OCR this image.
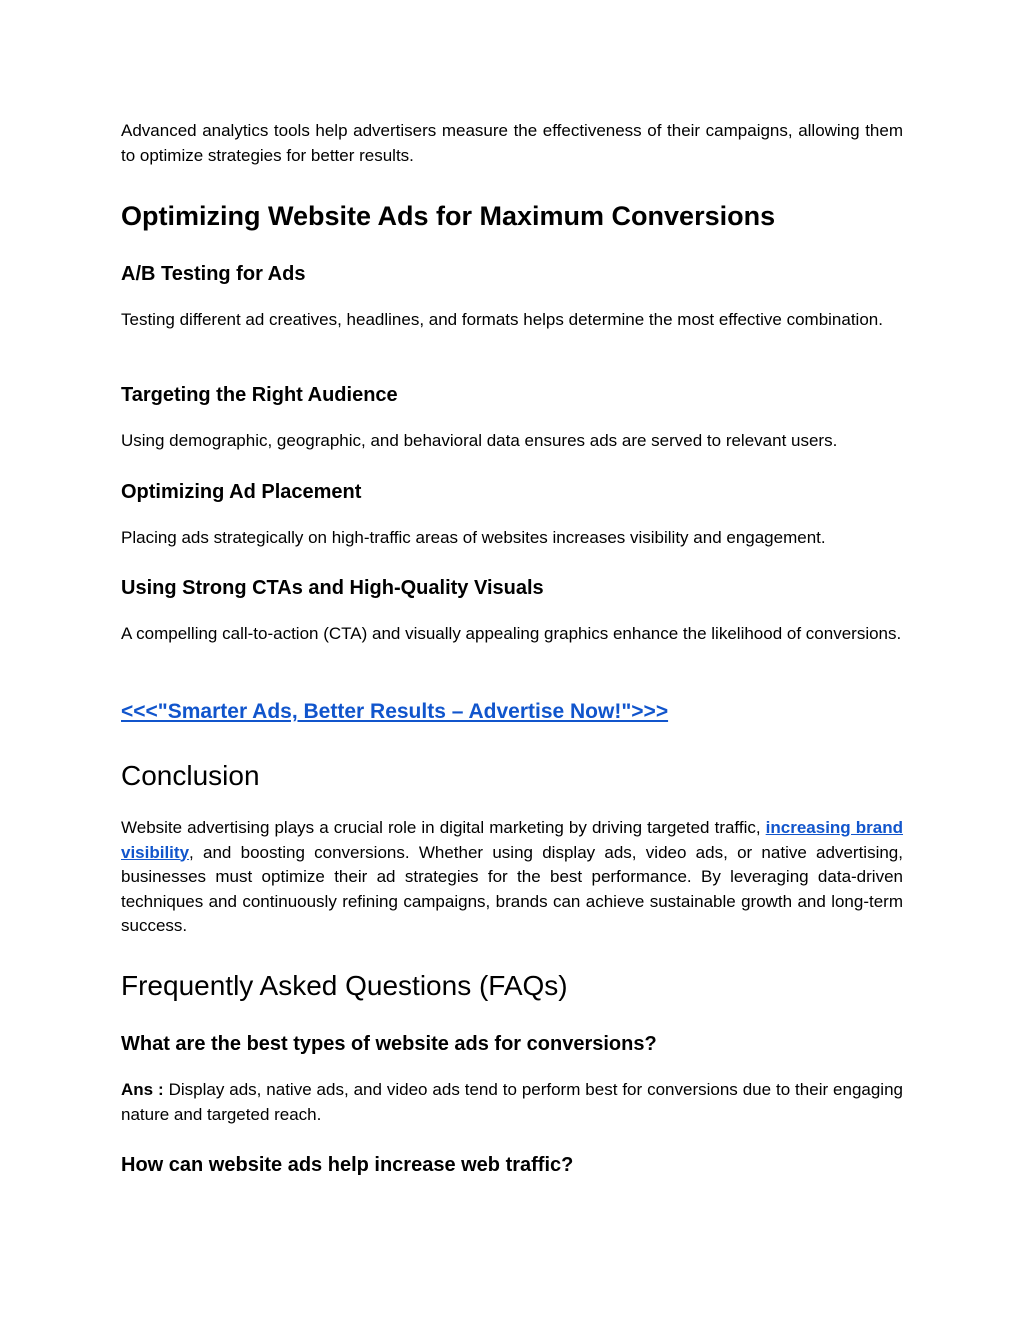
Advanced analytics tools help advertisers measure the effectiveness of their campaigns, allowing them to optimize strategies for better results.

Optimizing Website Ads for Maximum Conversions
A/B Testing for Ads

Testing different ad creatives, headlines, and formats helps determine the most effective combination.

Targeting the Right Audience

Using demographic, geographic, and behavioral data ensures ads are served to relevant users.

Optimizing Ad Placement

Placing ads strategically on high-traffic areas of websites increases visibility and engagement.

Using Strong CTAs and High-Quality Visuals

A compelling call-to-action (CTA) and visually appealing graphics enhance the likelihood of conversions.

<<<"Smarter Ads, Better Results – Advertise Now!">>>
Conclusion

Website advertising plays a crucial role in digital marketing by driving targeted traffic, increasing brand visibility, and boosting conversions. Whether using display ads, video ads, or native advertising, businesses must optimize their ad strategies for the best performance. By leveraging data-driven techniques and continuously refining campaigns, brands can achieve sustainable growth and long-term success.

Frequently Asked Questions (FAQs)
What are the best types of website ads for conversions?

Ans : Display ads, native ads, and video ads tend to perform best for conversions due to their engaging nature and targeted reach.

How can website ads help increase web traffic?
